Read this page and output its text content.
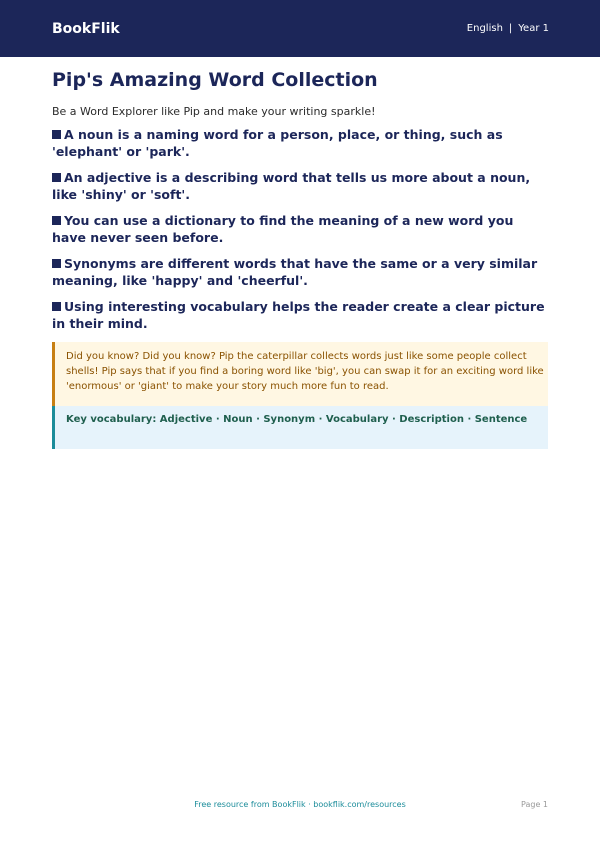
BookFlik	English | Year 1
Pip's Amazing Word Collection

Be a Word Explorer like Pip and make your writing sparkle!

A noun is a naming word for a person, place, or thing, such as 'elephant' or 'park'.
An adjective is a describing word that tells us more about a noun, like 'shiny' or 'soft'.
You can use a dictionary to find the meaning of a new word you have never seen before.
Synonyms are different words that have the same or a very similar meaning, like 'happy' and 'cheerful'.
Using interesting vocabulary helps the reader create a clear picture in their mind.
Did you know? Did you know? Pip the caterpillar collects words just like some people collect shells! Pip says that if you find a boring word like 'big', you can swap it for an exciting word like 'enormous' or 'giant' to make your story much more fun to read.
Key vocabulary: Adjective · Noun · Synonym · Vocabulary · Description · Sentence
Free resource from BookFlik · bookflik.com/resources	Page 1
